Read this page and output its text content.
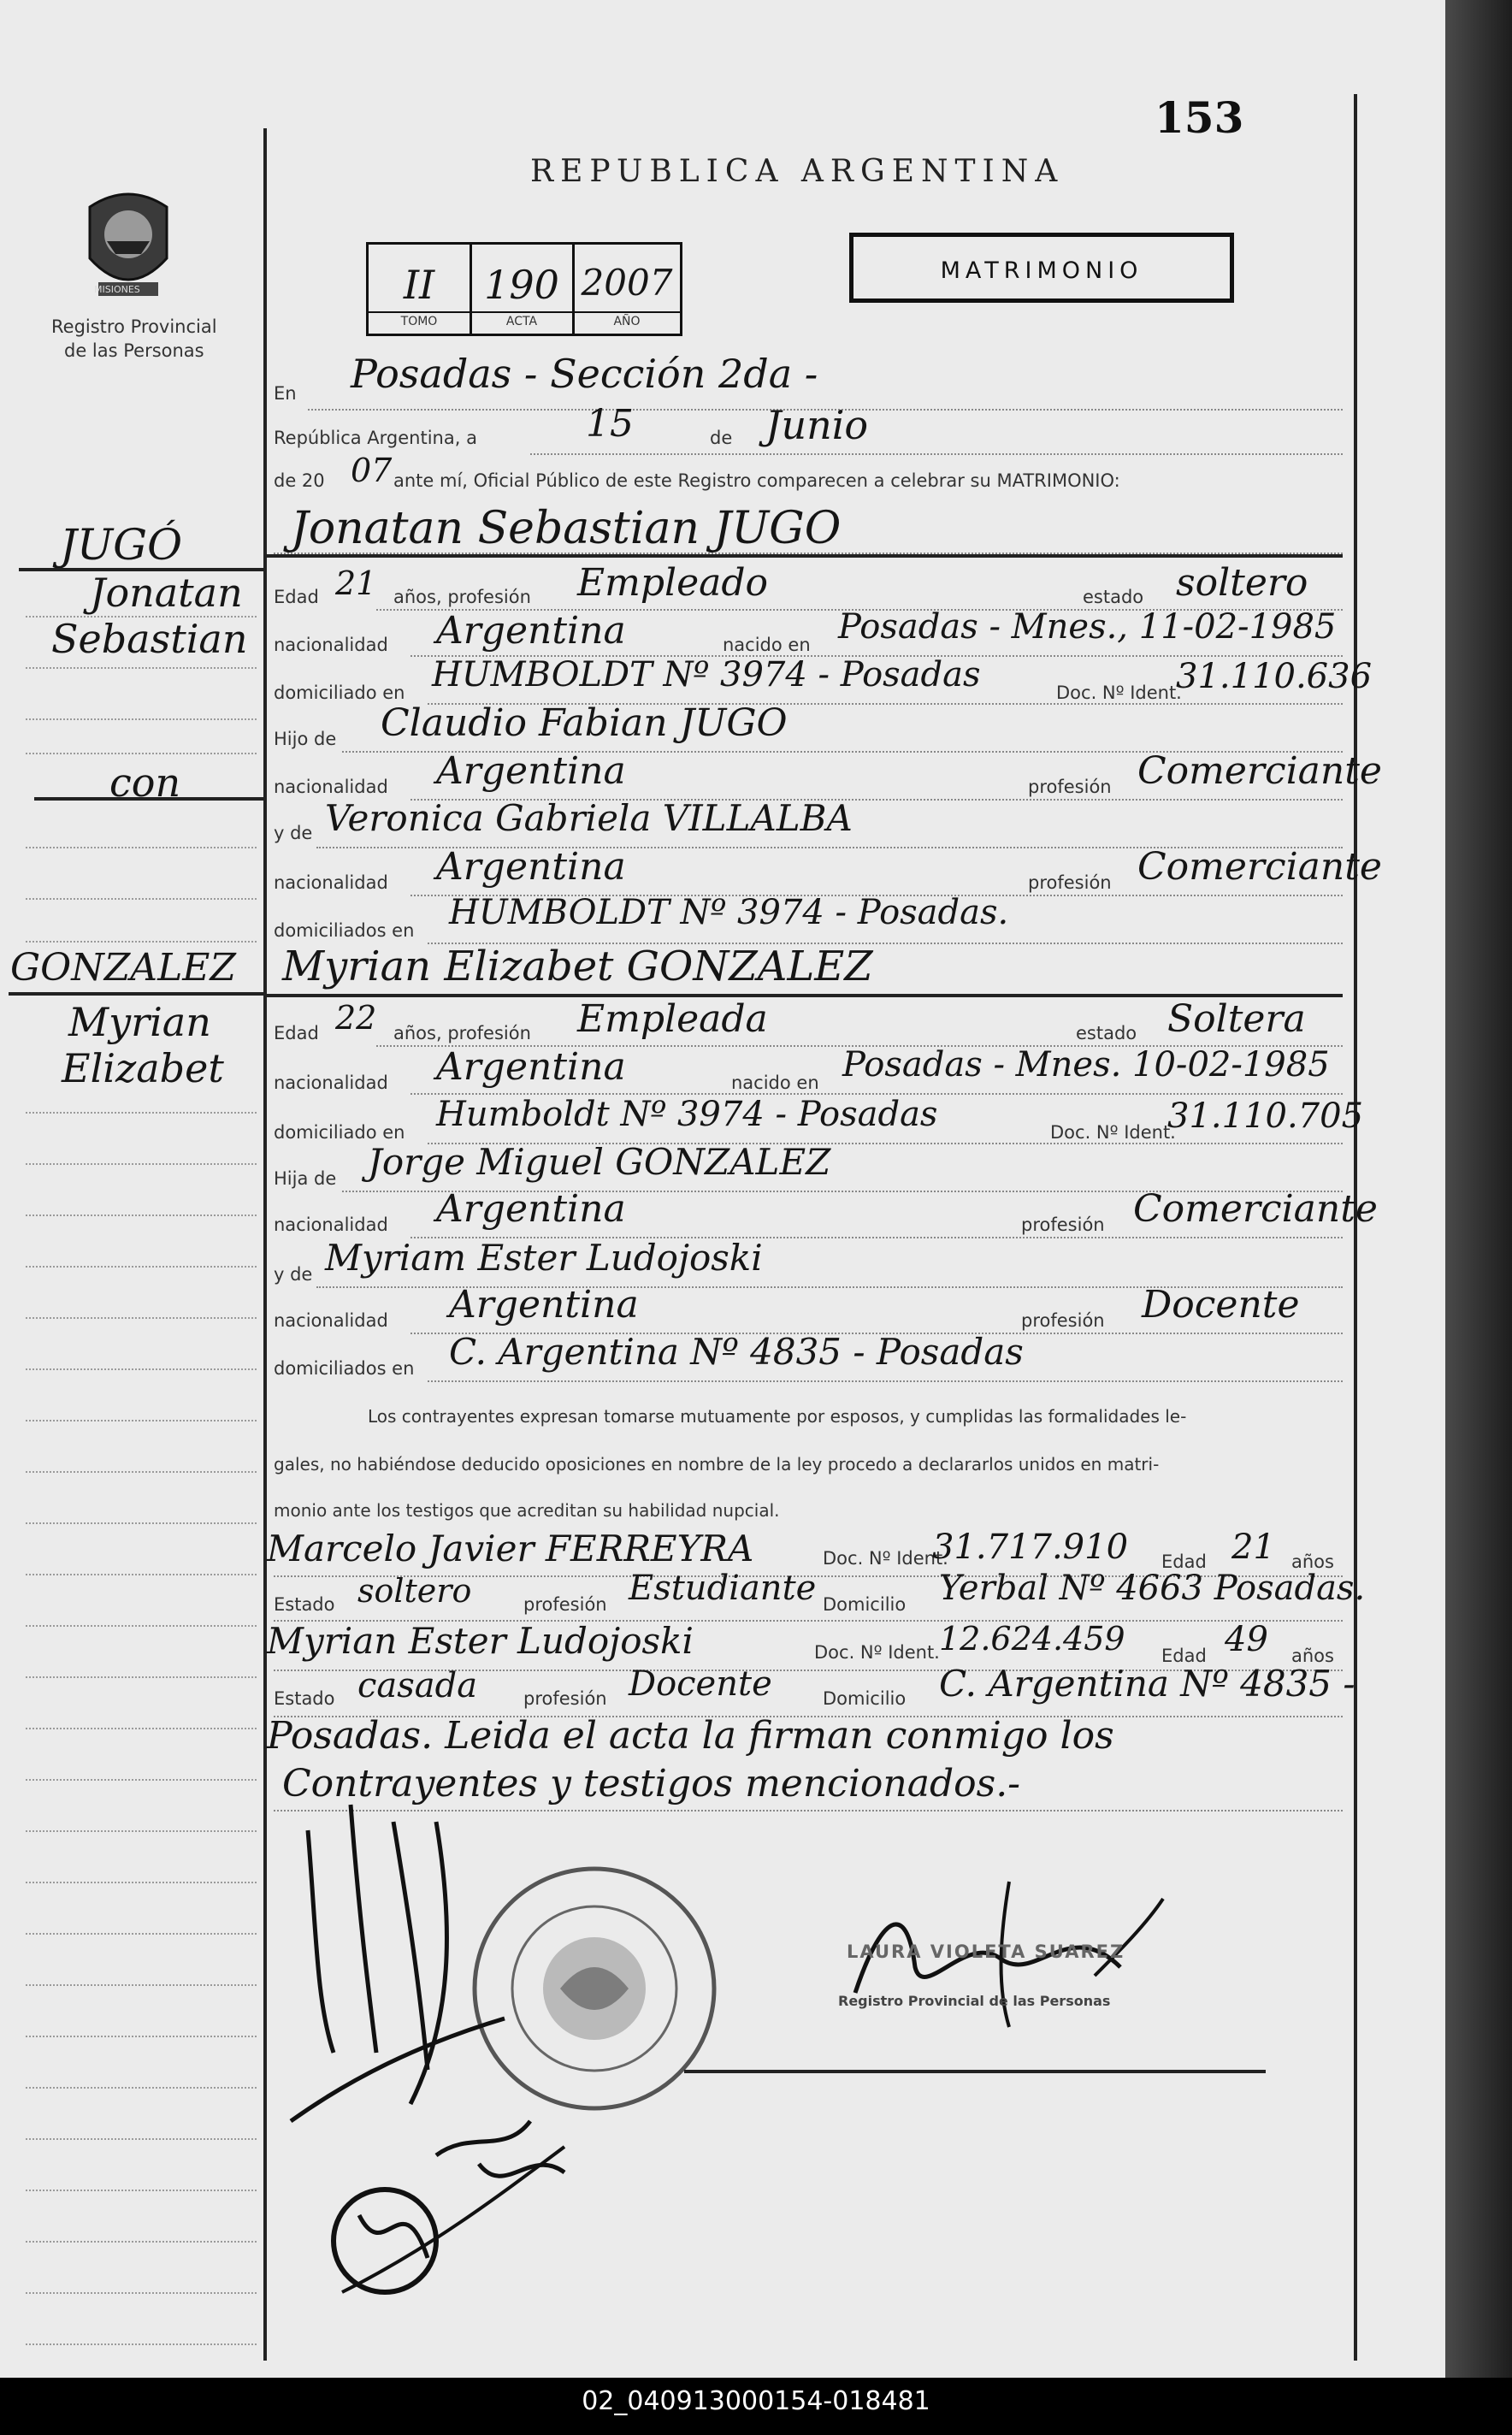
153
REPUBLICA ARGENTINA
MATRIMONIO
MISIONES
Registro Provincial
de las Personas
II	190 2007
TOMO	ACTA	AÑO
JUGÓ
Jonatan
Sebastian
con
GONZALEZ
Myrian
Elizabet
En Posadas - Sección 2da -
República Argentina, a	15	de Junio
de 20 07 ante mí, Oficial Público de este Registro comparecen a celebrar su MATRIMONIO:
Jonatan Sebastian JUGO
Edad 21 años, profesión Empleado	estado soltero
nacionalidad Argentina	nacido en Posadas - Mnes., 11-02-1985
domiciliado en HUMBOLDT Nº 3974 - Posadas	Doc. Nº Ident.
31.110.636
Hijo de Claudio Fabian JUGO
nacionalidad Argentina	profesión Comerciante
y de Veronica Gabriela VILLALBA
nacionalidad Argentina	profesión Comerciante
domiciliados en HUMBOLDT Nº 3974 - Posadas.
Myrian Elizabet GONZALEZ
Edad 22 años, profesión Empleada	estado Soltera
nacionalidad Argentina	nacido en Posadas - Mnes. 10-02-1985
domiciliado en Humboldt Nº 3974 - Posadas	Doc. Nº Ident.
31.110.705
Hija de Jorge Miguel GONZALEZ
nacionalidad Argentina	profesión Comerciante
y de Myriam Ester Ludojoski
nacionalidad Argentina	profesión Docente
domiciliados en C. Argentina Nº 4835 - Posadas
Los contrayentes expresan tomarse mutuamente por esposos, y cumplidas las formalidades le-
gales, no habiéndose deducido oposiciones en nombre de la ley procedo a declararlos unidos en matri-
monio ante los testigos que acreditan su habilidad nupcial.
Marcelo Javier FERREYRA	Doc. Nº Ident.
31.717.910 Edad 21 años
Estado soltero	profesión Estudiante Domicilio Yerbal Nº 4663 Posadas.
Myrian Ester Ludojoski	Doc. Nº Ident. 12.624.459 Edad 49 años
Estado casada	profesión Docente	Domicilio C. Argentina Nº 4835 -
Posadas. Leida el acta la firman conmigo los
Contrayentes y testigos mencionados.-
LAURA VIOLETA SUAREZ
Registro Provincial de las Personas
02_040913000154-018481
